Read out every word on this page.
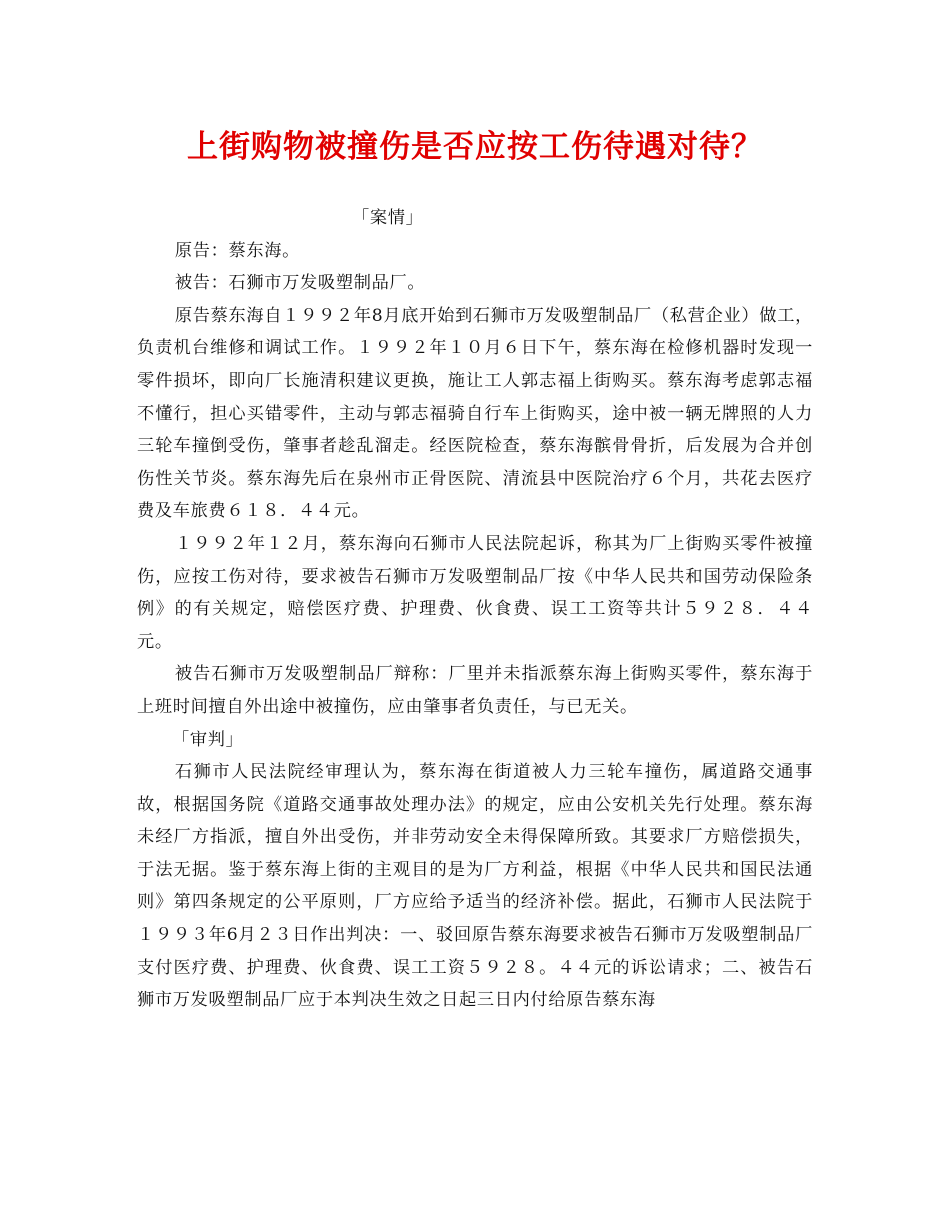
上街购物被撞伤是否应按工伤待遇对待？

「案情」

原告：蔡东海。

被告：石狮市万发吸塑制品厂。

原告蔡东海自１９９２年8月底开始到石狮市万发吸塑制品厂（私营企业）做工，负责机台维修和调试工作。１９９２年１０月６日下午，蔡东海在检修机器时发现一零件损坏，即向厂长施清积建议更换，施让工人郭志福上街购买。蔡东海考虑郭志福不懂行，担心买错零件，主动与郭志福骑自行车上街购买，途中被一辆无牌照的人力三轮车撞倒受伤，肇事者趁乱溜走。经医院检查，蔡东海髌骨骨折，后发展为合并创伤性关节炎。蔡东海先后在泉州市正骨医院、清流县中医院治疗６个月，共花去医疗费及车旅费６１８．４４元。

１９９２年１２月，蔡东海向石狮市人民法院起诉，称其为厂上街购买零件被撞伤，应按工伤对待，要求被告石狮市万发吸塑制品厂按《中华人民共和国劳动保险条例》的有关规定，赔偿医疗费、护理费、伙食费、误工工资等共计５９２８．４４元。

被告石狮市万发吸塑制品厂辩称：厂里并未指派蔡东海上街购买零件，蔡东海于上班时间擅自外出途中被撞伤，应由肇事者负责任，与已无关。

「审判」

石狮市人民法院经审理认为，蔡东海在街道被人力三轮车撞伤，属道路交通事故，根据国务院《道路交通事故处理办法》的规定，应由公安机关先行处理。蔡东海未经厂方指派，擅自外出受伤，并非劳动安全未得保障所致。其要求厂方赔偿损失，于法无据。鉴于蔡东海上街的主观目的是为厂方利益，根据《中华人民共和国民法通则》第四条规定的公平原则，厂方应给予适当的经济补偿。据此，石狮市人民法院于１９９３年6月２３日作出判决：一、驳回原告蔡东海要求被告石狮市万发吸塑制品厂支付医疗费、护理费、伙食费、误工工资５９２８。４４元的诉讼请求；二、被告石狮市万发吸塑制品厂应于本判决生效之日起三日内付给原告蔡东海
